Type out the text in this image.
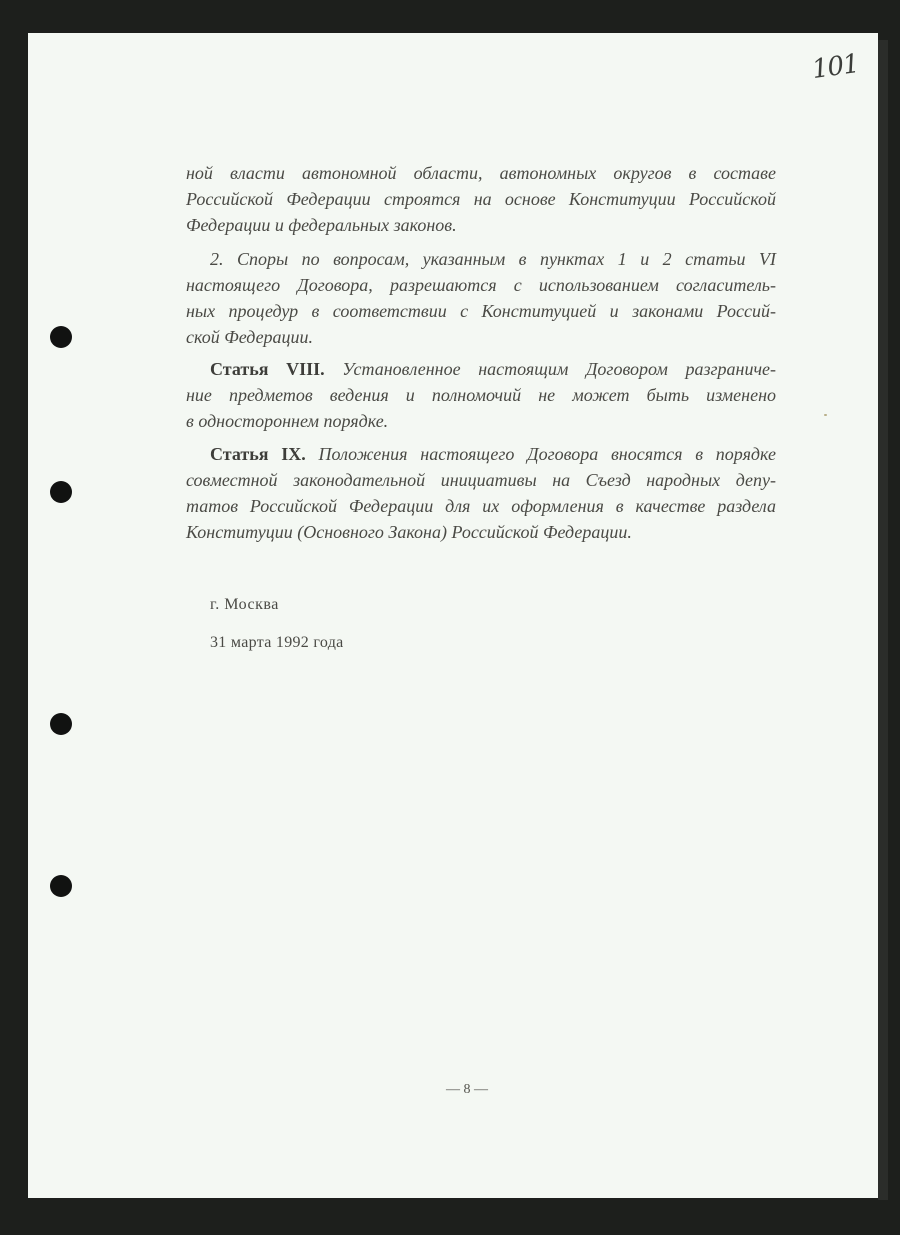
101
ной власти автономной области, автономных округов в составе
Российской Федерации строятся на основе Конституции Российской
Федерации и федеральных законов.
2. Споры по вопросам, указанным в пунктах 1 и 2 статьи VI
настоящего Договора, разрешаются с использованием согласитель-
ных процедур в соответствии с Конституцией и законами Россий-
ской Федерации.
Статья VIII. Установленное настоящим Договором разграниче-
ние предметов ведения и полномочий не может быть изменено
в одностороннем порядке.
Статья IX. Положения настоящего Договора вносятся в порядке
совместной законодательной инициативы на Съезд народных депу-
татов Российской Федерации для их оформления в качестве раздела
Конституции (Основного Закона) Российской Федерации.
г. Москва
31 марта 1992 года
— 8 —
